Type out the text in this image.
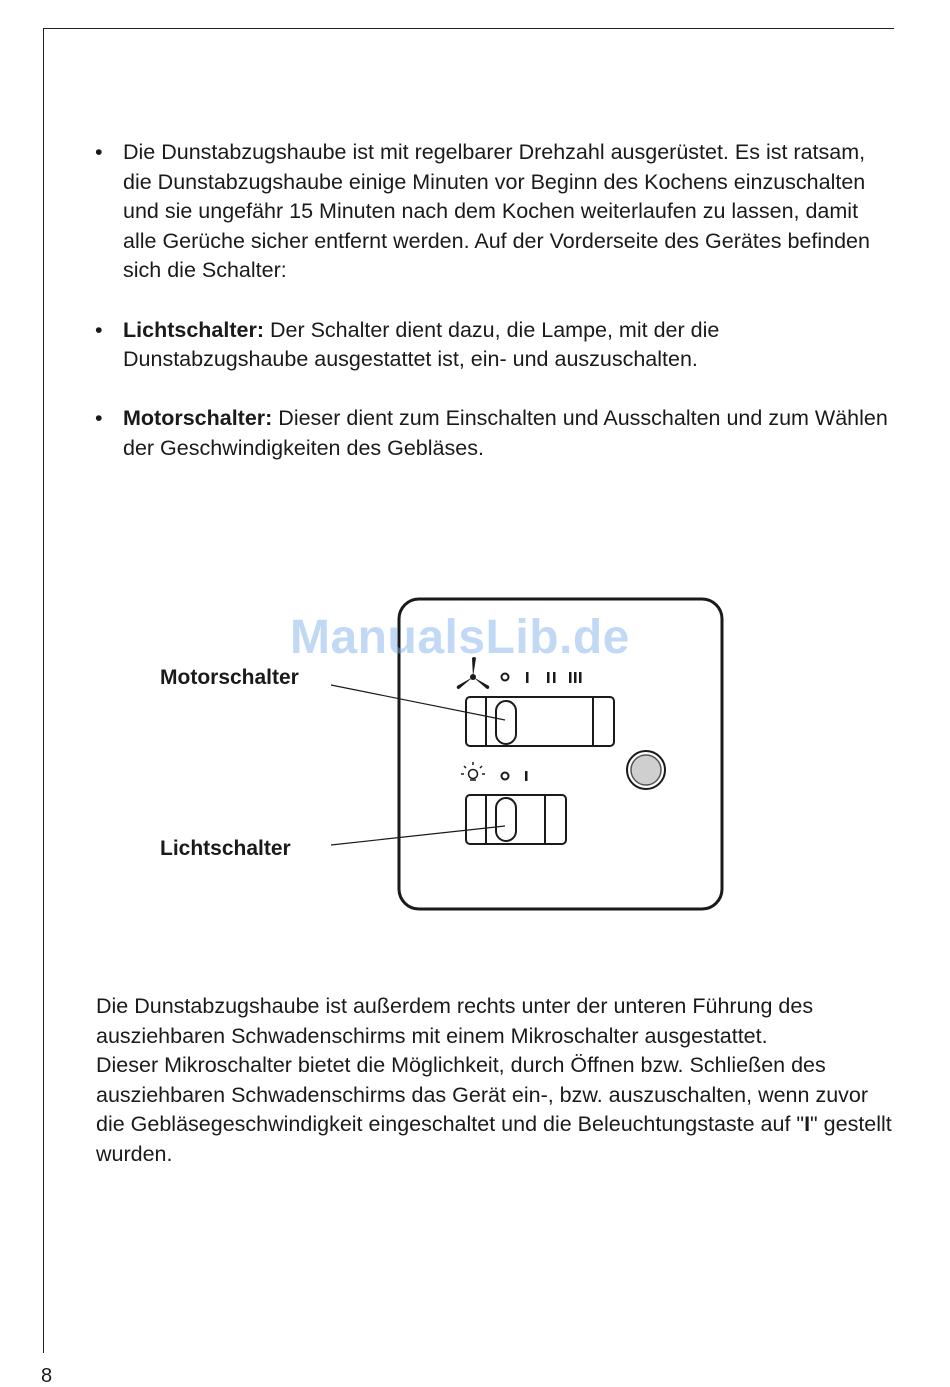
• Die Dunstabzugshaube ist mit regelbarer Drehzahl ausgerüstet. Es ist ratsam, die Dunstabzugshaube einige Minuten vor Beginn des Kochens einzuschalten und sie ungefähr 15 Minuten nach dem Kochen weiterlaufen zu lassen, damit alle Gerüche sicher entfernt werden. Auf der Vorderseite des Gerätes befinden sich die Schalter:
• Lichtschalter: Der Schalter dient dazu, die Lampe, mit der die Dunstabzugshaube ausgestattet ist, ein- und auszuschalten.
• Motorschalter: Dieser dient zum Einschalten und Ausschalten und zum Wählen der Geschwindigkeiten des Gebläses.
Motorschalter
Lichtschalter
ManualsLib.de

Die Dunstabzugshaube ist außerdem rechts unter der unteren Führung des ausziehbaren Schwadenschirms mit einem Mikroschalter ausgestattet.
Dieser Mikroschalter bietet die Möglichkeit, durch Öffnen bzw. Schließen des ausziehbaren Schwadenschirms das Gerät ein-, bzw. auszuschalten, wenn zuvor die Gebläsegeschwindigkeit eingeschaltet und die Beleuchtungstaste auf "I" gestellt wurden.

8
